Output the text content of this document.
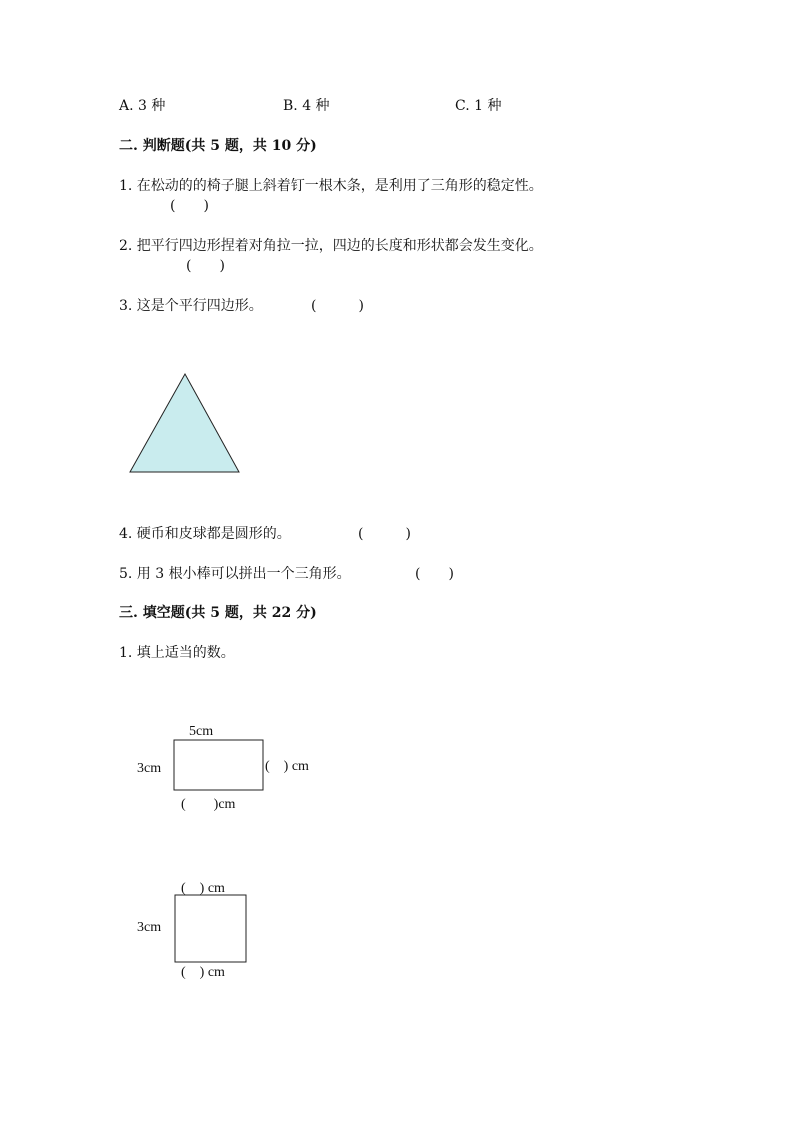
A. 3 种	B. 4 种	C. 1 种
二. 判断题(共 5 题，共 10 分)
1. 在松动的的椅子腿上斜着钉一根木条，是利用了三角形的稳定性。
(　　)
2. 把平行四边形捏着对角拉一拉，四边的长度和形状都会发生变化。
(　　)
3. 这是个平行四边形。	(　　　)
4. 硬币和皮球都是圆形的。	(　　　)
5. 用 3 根小棒可以拼出一个三角形。	(　　)
三. 填空题(共 5 题，共 22 分)
1. 填上适当的数。
5cm
3cm	(　) cm
(　　)cm
(　) cm
3cm
(　) cm
